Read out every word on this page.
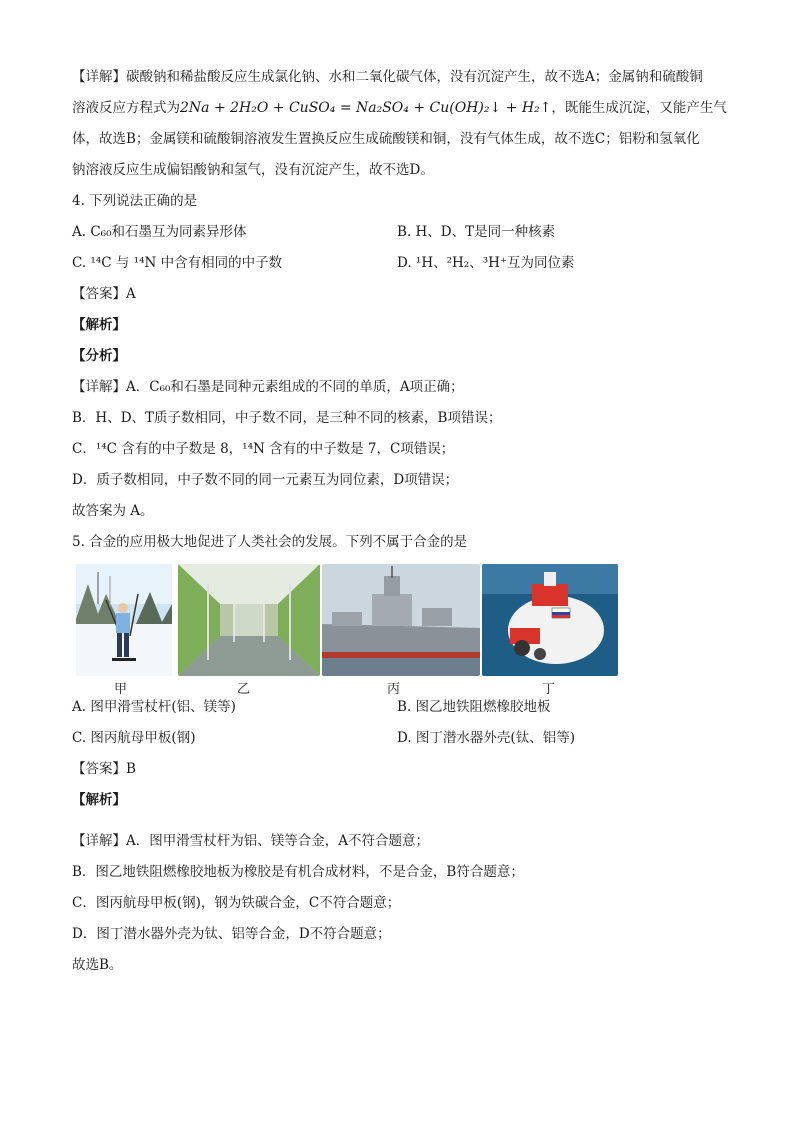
【详解】碳酸钠和稀盐酸反应生成氯化钠、水和二氧化碳气体，没有沉淀产生，故不选A；金属钠和硫酸铜
溶液反应方程式为2Na + 2H₂O + CuSO₄ = Na₂SO₄ + Cu(OH)₂↓ + H₂↑，既能生成沉淀，又能产生气
体，故选B；金属镁和硫酸铜溶液发生置换反应生成硫酸镁和铜，没有气体生成，故不选C；铝粉和氢氧化
钠溶液反应生成偏铝酸钠和氢气，没有沉淀产生，故不选D。
4. 下列说法正确的是
A. C₆₀和石墨互为同素异形体	B. H、D、T是同一种核素
C. ¹⁴C 与 ¹⁴N 中含有相同的中子数	D. ¹H、²H₂、³H⁺互为同位素
【答案】A
【解析】
【分析】
【详解】A．C₆₀和石墨是同种元素组成的不同的单质，A项正确；
B．H、D、T质子数相同，中子数不同，是三种不同的核素，B项错误；
C．¹⁴C 含有的中子数是 8，¹⁴N 含有的中子数是 7，C项错误；
D．质子数相同，中子数不同的同一元素互为同位素，D项错误；
故答案为 A。
5. 合金的应用极大地促进了人类社会的发展。下列不属于合金的是
甲	乙	丙	丁
A. 图甲滑雪杖杆(铝、镁等)	B. 图乙地铁阻燃橡胶地板
C. 图丙航母甲板(钢)	D. 图丁潜水器外壳(钛、铝等)
【答案】B
【解析】
【详解】A．图甲滑雪杖杆为铝、镁等合金，A不符合题意；
B．图乙地铁阻燃橡胶地板为橡胶是有机合成材料，不是合金，B符合题意；
C．图丙航母甲板(钢)，钢为铁碳合金，C不符合题意；
D．图丁潜水器外壳为钛、铝等合金，D不符合题意；
故选B。
